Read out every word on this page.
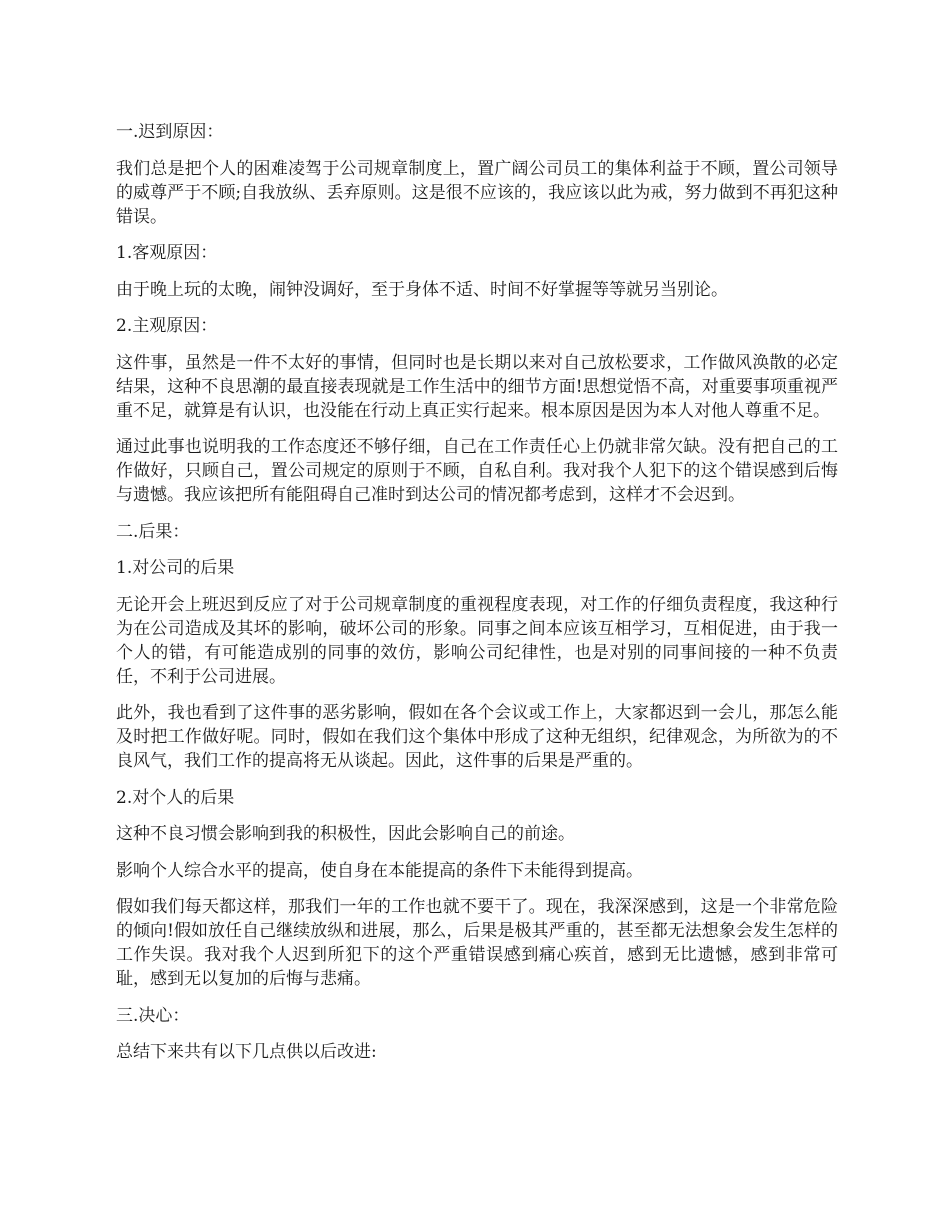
一.迟到原因：

我们总是把个人的困难凌驾于公司规章制度上，置广阔公司员工的集体利益于不顾，置公司领导的威尊严于不顾;自我放纵、丢弃原则。这是很不应该的，我应该以此为戒，努力做到不再犯这种错误。

1.客观原因：

由于晚上玩的太晚，闹钟没调好，至于身体不适、时间不好掌握等等就另当别论。

2.主观原因：

这件事，虽然是一件不太好的事情，但同时也是长期以来对自己放松要求，工作做风涣散的必定结果，这种不良思潮的最直接表现就是工作生活中的细节方面!思想觉悟不高，对重要事项重视严重不足，就算是有认识，也没能在行动上真正实行起来。根本原因是因为本人对他人尊重不足。

通过此事也说明我的工作态度还不够仔细，自己在工作责任心上仍就非常欠缺。没有把自己的工作做好，只顾自己，置公司规定的原则于不顾，自私自利。我对我个人犯下的这个错误感到后悔与遗憾。我应该把所有能阻碍自己准时到达公司的情况都考虑到，这样才不会迟到。

二.后果：

1.对公司的后果

无论开会上班迟到反应了对于公司规章制度的重视程度表现，对工作的仔细负责程度，我这种行为在公司造成及其坏的影响，破坏公司的形象。同事之间本应该互相学习，互相促进，由于我一个人的错，有可能造成别的同事的效仿，影响公司纪律性，也是对别的同事间接的一种不负责任，不利于公司进展。

此外，我也看到了这件事的恶劣影响，假如在各个会议或工作上，大家都迟到一会儿，那怎么能及时把工作做好呢。同时，假如在我们这个集体中形成了这种无组织，纪律观念，为所欲为的不良风气，我们工作的提高将无从谈起。因此，这件事的后果是严重的。

2.对个人的后果

这种不良习惯会影响到我的积极性，因此会影响自己的前途。

影响个人综合水平的提高，使自身在本能提高的条件下未能得到提高。

假如我们每天都这样，那我们一年的工作也就不要干了。现在，我深深感到，这是一个非常危险的倾向!假如放任自己继续放纵和进展，那么，后果是极其严重的，甚至都无法想象会发生怎样的工作失误。我对我个人迟到所犯下的这个严重错误感到痛心疾首，感到无比遗憾，感到非常可耻，感到无以复加的后悔与悲痛。

三.决心：

总结下来共有以下几点供以后改进:
